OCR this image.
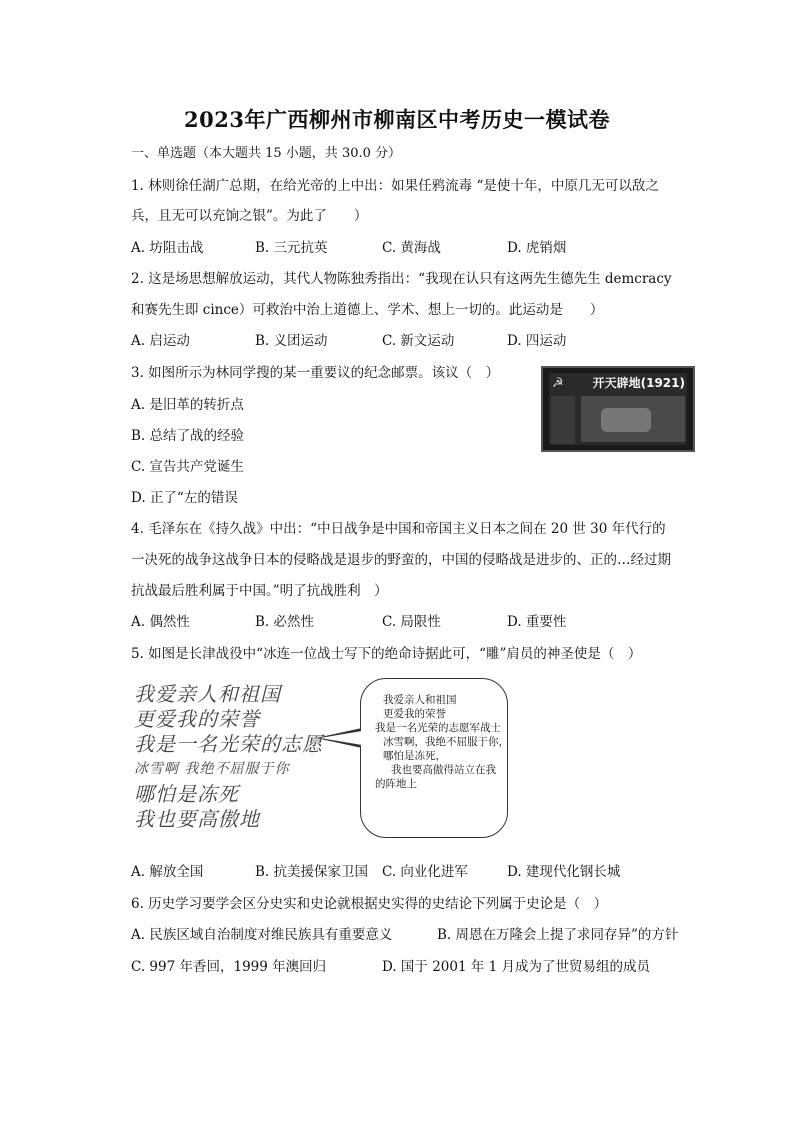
2023年广西柳州市柳南区中考历史一模试卷
一、单选题（本大题共 15 小题，共 30.0 分）
1. 林则徐任湖广总期，在给光帝的上中出：如果任鸦流毒 “是使十年，中原几无可以敌之
兵，且无可以充饷之银”。为此了　　）
A. 坊阻击战	B. 三元抗英	C. 黄海战	D. 虎销烟
2. 这是场思想解放运动，其代人物陈独秀指出：“我现在认只有这两先生德先生 demcracy
和赛先生即 cince）可救治中治上道德上、学术、想上一切的。此运动是　　）
A. 启运动	B. 义团运动	C. 新文运动	D. 四运动
3. 如图所示为林同学搜的某一重要议的纪念邮票。该议（　）
☭ 开天辟地(1921)
A. 是旧革的转折点
B. 总结了战的经验
C. 宣告共产党诞生
D. 正了“左的错误
4. 毛泽东在《持久战》中出：“中日战争是中国和帝国主义日本之间在 20 世 30 年代行的
一决死的战争这战争日本的侵略战是退步的野蛮的，中国的侵略战是进步的、正的…经过期
抗战最后胜利属于中国。”明了抗战胜利　）
A. 偶然性	B. 必然性	C. 局限性	D. 重要性
5. 如图是长津战役中“冰连一位战士写下的绝命诗据此可，“雕”肩员的神圣使是（　）
我爱亲人和祖国
更爱我的荣誉
我是一名光荣的志愿
冰雪啊 我绝不屈服于你
哪怕是冻死
我也要高傲地
我爱亲人和祖国
更爱我的荣誉
我是一名光荣的志愿军战士
冰雪啊，我绝不屈服于你，
哪怕是冻死，
我也要高傲得站立在我
的阵地上
A. 解放全国	B. 抗美援保家卫国 C. 向业化进军	D. 建现代化钢长城
6. 历史学习要学会区分史实和史论就根据史实得的史结论下列属于史论是（　）
A. 民族区域自治制度对维民族具有重要意义	B. 周恩在万隆会上提了求同存异”的方针
C. 997 年香回，1999 年澳回归	D. 国于 2001 年 1 月成为了世贸易组的成员
